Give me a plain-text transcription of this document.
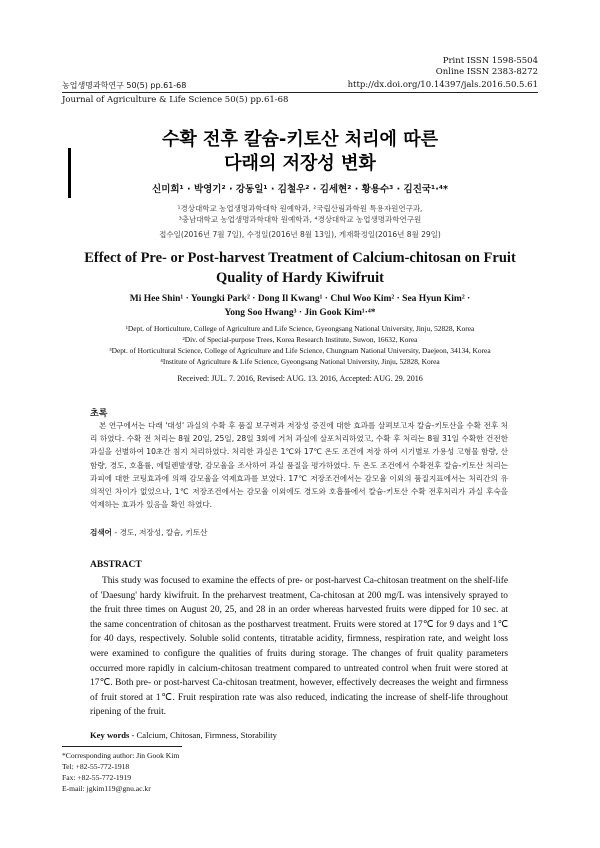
Print ISSN 1598-5504
Online ISSN 2383-8272
농업생명과학연구 50(5) pp.61-68	http://dx.doi.org/10.14397/jals.2016.50.5.61
Journal of Agriculture & Life Science 50(5) pp.61-68
수확 전후 칼슘-키토산 처리에 따른
다래의 저장성 변화
신미희¹ · 박영기² · 강동일¹ · 김철우² · 김세현² · 황용수³ · 김진국¹·⁴*
¹경상대학교 농업생명과학대학 원예학과, ²국립산림과학원 특용자원연구과,
³충남대학교 농업생명과학대학 원예학과, ⁴경상대학교 농업생명과학연구원
접수일(2016년 7월 7일), 수정일(2016년 8월 13일), 게재확정일(2016년 8월 29일)
Effect of Pre- or Post-harvest Treatment of Calcium-chitosan on Fruit
Quality of Hardy Kiwifruit
Mi Hee Shin¹ · Youngki Park² · Dong Il Kwang¹ · Chul Woo Kim² · Sea Hyun Kim² ·
Yong Soo Hwang³ · Jin Gook Kim¹·⁴*
¹Dept. of Horticulture, College of Agriculture and Life Science, Gyeongsang National University, Jinju, 52828, Korea
²Div. of Special-purpose Trees, Korea Research Institute, Suwon, 16632, Korea
³Dept. of Horticultural Science, College of Agriculture and Life Science, Chungnam National University, Daejeon, 34134, Korea
⁴Institute of Agriculture & Life Science, Gyeongsang National University, Jinju, 52828, Korea
Received: JUL. 7. 2016, Revised: AUG. 13. 2016, Accepted: AUG. 29. 2016
초록
본 연구에서는 다래 '대성' 과실의 수확 후 품질 보구력과 저장성 증진에 대한 효과를 살펴보고자 칼슘-키토산을 수확 전후 처리 하였다. 수확 전 처리는 8월 20일, 25일, 28일 3회에 거쳐 과실에 살포처리하였고, 수확 후 처리는 8월 31일 수확한 건전한 과실을 선별하여 10초간 침지 처리하였다. 처리한 과실은 1℃와 17℃ 온도 조건에 저장 하여 시기별로 가용성 고형물 함량, 산함량, 경도, 호흡률, 에틸렌발생량, 감모율을 조사하여 과실 품질을 평가하였다. 두 온도 조건에서 수확전후 칼슘-키토산 처리는 과피에 대한 코팅효과에 의해 감모율을 억제효과를 보였다. 17℃ 저장조건에서는 감모율 이외의 품질지표에서는 처리간의 유의적인 차이가 없었으나, 1℃ 저장조건에서는 감모율 이외에도 경도와 호흡률에서 칼슘-키토산 수확 전후처리가 과실 후숙을 억제하는 효과가 있음을 확인 하였다.
검색어 - 경도, 저장성, 칼슘, 키토산
ABSTRACT
This study was focused to examine the effects of pre- or post-harvest Ca-chitosan treatment on the shelf-life of 'Daesung' hardy kiwifruit. In the preharvest treatment, Ca-chitosan at 200 mg/L was intensively sprayed to the fruit three times on August 20, 25, and 28 in an order whereas harvested fruits were dipped for 10 sec. at the same concentration of chitosan as the postharvest treatment. Fruits were stored at 17℃ for 9 days and 1℃ for 40 days, respectively. Soluble solid contents, titratable acidity, firmness, respiration rate, and weight loss were examined to configure the qualities of fruits during storage. The changes of fruit quality parameters occurred more rapidly in calcium-chitosan treatment compared to untreated control when fruit were stored at 17℃. Both pre- or post-harvest Ca-chitosan treatment, however, effectively decreases the weight and firmness of fruit stored at 1℃. Fruit respiration rate was also reduced, indicating the increase of shelf-life throughout ripening of the fruit.
Key words - Calcium, Chitosan, Firmness, Storability
*Corresponding author: Jin Gook Kim
Tel: +82-55-772-1918
Fax: +82-55-772-1919
E-mail: jgkim119@gnu.ac.kr
